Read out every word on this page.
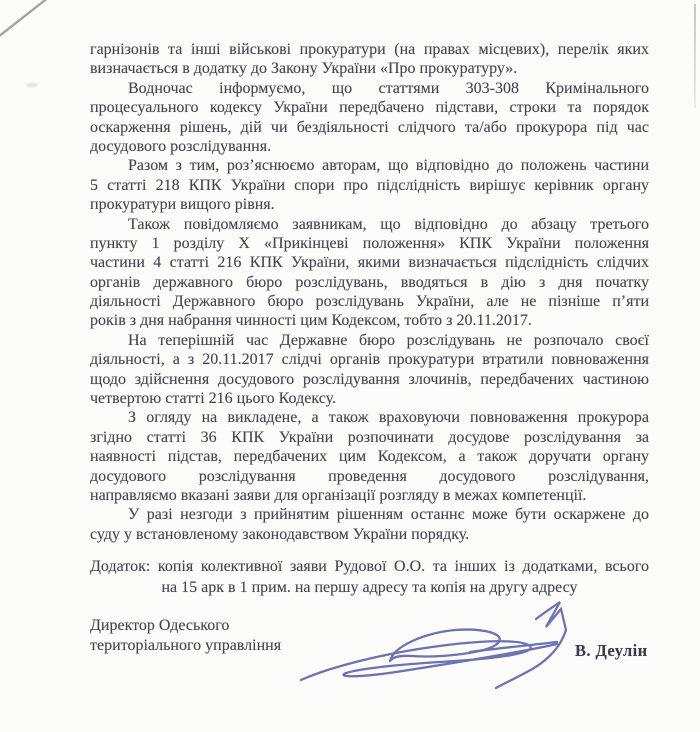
гарнізонів та інші військові прокуратури (на правах місцевих), перелік яких
визначається в додатку до Закону України «Про прокуратуру».
Водночас інформуємо, що статтями 303-308 Кримінального
процесуального кодексу України передбачено підстави, строки та порядок
оскарження рішень, дій чи бездіяльності слідчого та/або прокурора під час
досудового розслідування.
Разом з тим, роз’яснюємо авторам, що відповідно до положень частини
5 статті 218 КПК України спори про підслідність вирішує керівник органу
прокуратури вищого рівня.
Також повідомляємо заявникам, що відповідно до абзацу третього
пункту 1 розділу Х «Прикінцеві положення» КПК України положення
частини 4 статті 216 КПК України, якими визначається підслідність слідчих
органів державного бюро розслідувань, вводяться в дію з дня початку
діяльності Державного бюро розслідувань України, але не пізніше п’яти
років з дня набрання чинності цим Кодексом, тобто з 20.11.2017.
На теперішній час Державне бюро розслідувань не розпочало своєї
діяльності, а з 20.11.2017 слідчі органів прокуратури втратили повноваження
щодо здійснення досудового розслідування злочинів, передбачених частиною
четвертою статті 216 цього Кодексу.
З огляду на викладене, а також враховуючи повноваження прокурора
згідно статті 36 КПК України розпочинати досудове розслідування за
наявності підстав, передбачених цим Кодексом, а також доручати органу
досудового розслідування проведення досудового розслідування,
направляємо вказані заяви для організації розгляду в межах компетенції.
У разі незгоди з прийнятим рішенням останнє може бути оскаржене до
суду у встановленому законодавством України порядку.
Додаток: копія колективної заяви Рудової О.О. та інших із додатками, всього
на 15 арк в 1 прим. на першу адресу та копія на другу адресу
Директор Одеського
територіального управління	В. Деулін
